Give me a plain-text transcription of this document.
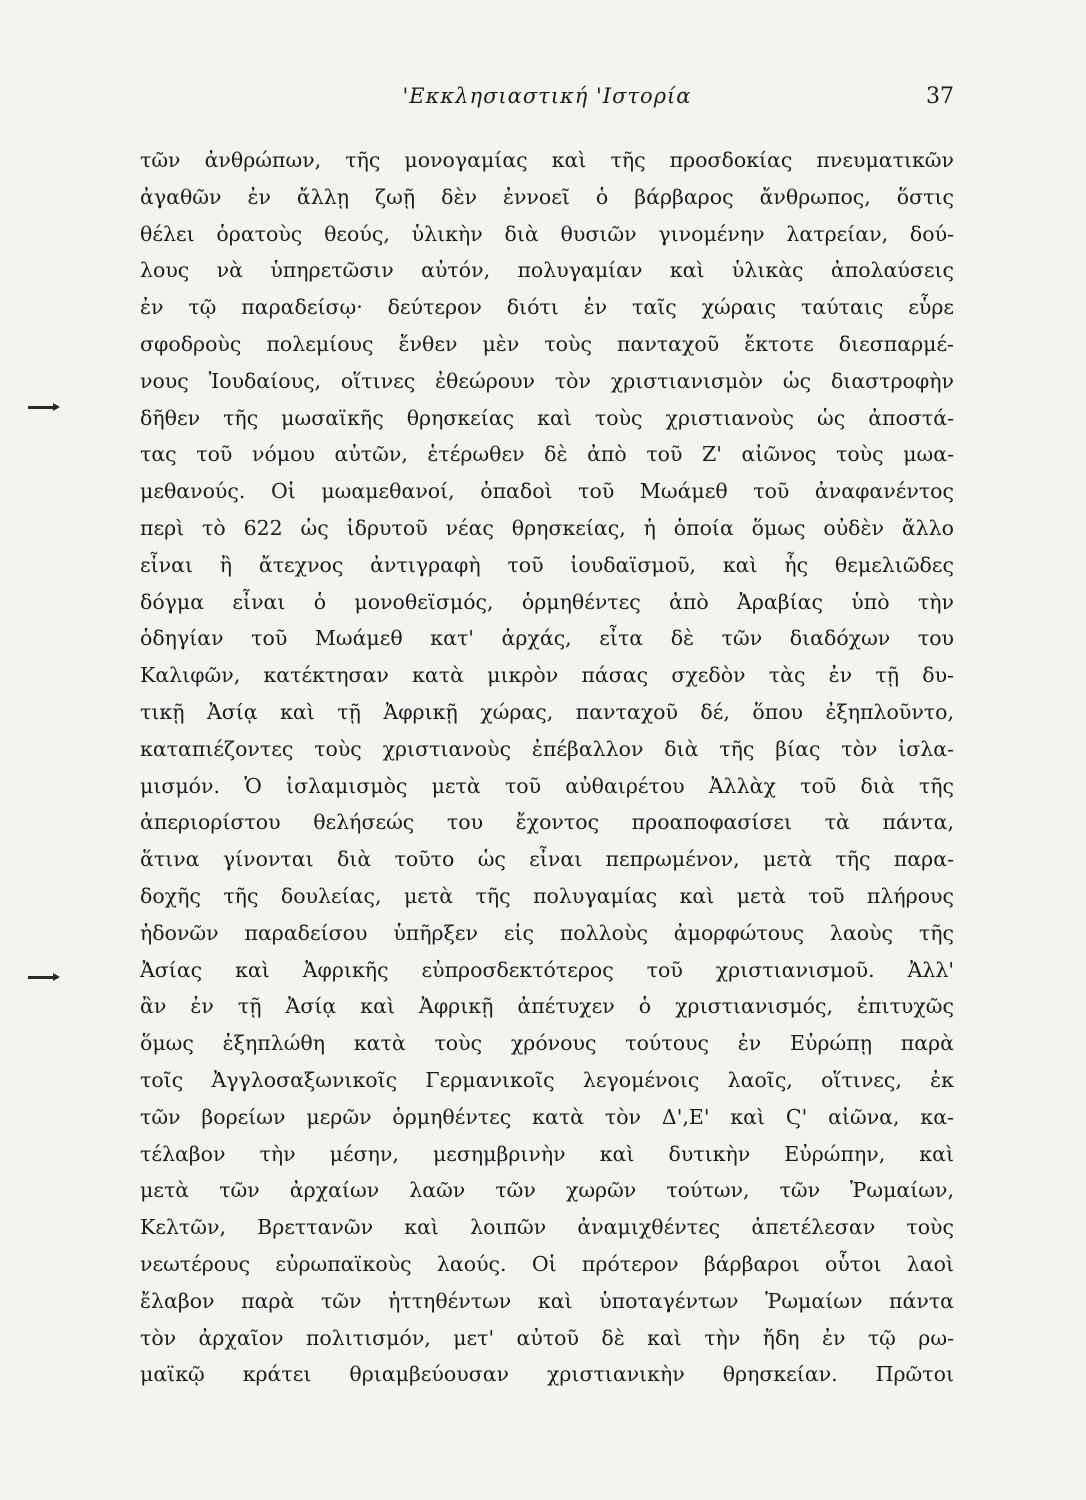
'Εκκλησιαστική 'Ιστορία	37
τῶν ἀνθρώπων, τῆς μονογαμίας καὶ τῆς προσδοκίας πνευματικῶν
ἀγαθῶν ἐν ἄλλῃ ζωῇ δὲν ἐννοεῖ ὁ βάρβαρος ἄνθρωπος, ὅστις
θέλει ὁρατοὺς θεούς, ὑλικὴν διὰ θυσιῶν γινομένην λατρείαν, δού-
λους νὰ ὑπηρετῶσιν αὐτόν, πολυγαμίαν καὶ ὑλικὰς ἀπολαύσεις
ἐν τῷ παραδείσῳ· δεύτερον διότι ἐν ταῖς χώραις ταύταις εὗρε
σφοδροὺς πολεμίους ἔνθεν μὲν τοὺς πανταχοῦ ἔκτοτε διεσπαρμέ-
νους Ἰουδαίους, οἵτινες ἐθεώρουν τὸν χριστιανισμὸν ὡς διαστροφὴν
δῆθεν τῆς μωσαϊκῆς θρησκείας καὶ τοὺς χριστιανοὺς ὡς ἀποστά-
τας τοῦ νόμου αὐτῶν, ἑτέρωθεν δὲ ἀπὸ τοῦ Ζ' αἰῶνος τοὺς μωα-
μεθανούς. Οἱ μωαμεθανοί, ὀπαδοὶ τοῦ Μωάμεθ τοῦ ἀναφανέντος
περὶ τὸ 622 ὡς ἱδρυτοῦ νέας θρησκείας, ἡ ὁποία ὅμως οὐδὲν ἄλλο
εἶναι ἢ ἄτεχνος ἀντιγραφὴ τοῦ ἰουδαϊσμοῦ, καὶ ἧς θεμελιῶδες
δόγμα εἶναι ὁ μονοθεϊσμός, ὁρμηθέντες ἀπὸ Ἀραβίας ὑπὸ τὴν
ὁδηγίαν τοῦ Μωάμεθ κατ' ἀρχάς, εἶτα δὲ τῶν διαδόχων του
Καλιφῶν, κατέκτησαν κατὰ μικρὸν πάσας σχεδὸν τὰς ἐν τῇ δυ-
τικῇ Ἀσίᾳ καὶ τῇ Ἀφρικῇ χώρας, πανταχοῦ δέ, ὅπου ἐξηπλοῦντο,
καταπιέζοντες τοὺς χριστιανοὺς ἐπέβαλλον διὰ τῆς βίας τὸν ἰσλα-
μισμόν. Ὁ ἰσλαμισμὸς μετὰ τοῦ αὐθαιρέτου Ἀλλὰχ τοῦ διὰ τῆς
ἀπεριορίστου θελήσεώς του ἔχοντος προαποφασίσει τὰ πάντα,
ἅτινα γίνονται διὰ τοῦτο ὡς εἶναι πεπρωμένον, μετὰ τῆς παρα-
δοχῆς τῆς δουλείας, μετὰ τῆς πολυγαμίας καὶ μετὰ τοῦ πλήρους
ἡδονῶν παραδείσου ὑπῆρξεν εἰς πολλοὺς ἀμορφώτους λαοὺς τῆς
Ἀσίας καὶ Ἀφρικῆς εὐπροσδεκτότερος τοῦ χριστιανισμοῦ. Ἀλλ'
ἂν ἐν τῇ Ἀσίᾳ καὶ Ἀφρικῇ ἀπέτυχεν ὁ χριστιανισμός, ἐπιτυχῶς
ὅμως ἐξηπλώθη κατὰ τοὺς χρόνους τούτους ἐν Εὐρώπῃ παρὰ
τοῖς Ἀγγλοσαξωνικοῖς Γερμανικοῖς λεγομένοις λαοῖς, οἵτινες, ἐκ
τῶν βορείων μερῶν ὁρμηθέντες κατὰ τὸν Δ',Ε' καὶ Ϛ' αἰῶνα, κα-
τέλαβον τὴν μέσην, μεσημβρινὴν καὶ δυτικὴν Εὐρώπην, καὶ
μετὰ τῶν ἀρχαίων λαῶν τῶν χωρῶν τούτων, τῶν Ῥωμαίων,
Κελτῶν, Βρεττανῶν καὶ λοιπῶν ἀναμιχθέντες ἀπετέλεσαν τοὺς
νεωτέρους εὐρωπαϊκοὺς λαούς. Οἱ πρότερον βάρβαροι οὗτοι λαοὶ
ἔλαβον παρὰ τῶν ἡττηθέντων καὶ ὑποταγέντων Ῥωμαίων πάντα
τὸν ἀρχαῖον πολιτισμόν, μετ' αὐτοῦ δὲ καὶ τὴν ἤδη ἐν τῷ ρω-
μαϊκῷ κράτει θριαμβεύουσαν χριστιανικὴν θρησκείαν. Πρῶτοι
